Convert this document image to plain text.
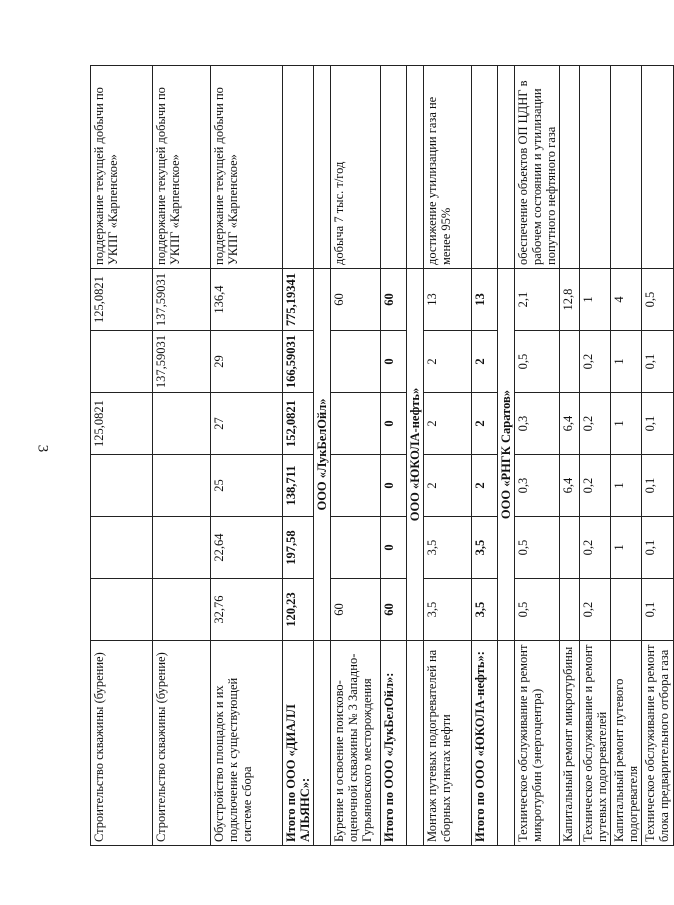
3
Строительство скважины (бурение)				125,0821		125,0821	поддержание текущей добычи по УКПГ «Карпенское»
Строительство скважины (бурение)					137,59031	137,59031	поддержание текущей добычи по УКПГ «Карпенское»
Обустройство площадок и их подключение к существующей системе сбора	32,76	22,64	25	27	29	136,4	поддержание текущей добычи по УКПГ «Карпенское»
Итого по ООО «ДИАЛЛ АЛЬЯНС»:	120,23	197,58	138,711	152,0821	166,59031	775,19341	
	ООО «ЛукБелОйл»						
Бурение и освоение поисково-оценочной скважины № 3 Западно-Гурьяновского месторождения	60					60	добыча 7 тыс. т/год
Итого по ООО «ЛукБелОйл»:	60	0	0	0	0	60	
	ООО «ЮКОЛА-нефть»						
Монтаж путевых подогревателей на сборных пунктах нефти	3,5	3,5	2	2	2	13	достижение утилизации газа не менее 95%
Итого по ООО «ЮКОЛА-нефть»:	3,5	3,5	2	2	2	13	
	ООО «РНГК Саратов»						
Техническое обслуживание и ремонт микротурбин (энергоцентра)	0,5	0,5	0,3	0,3	0,5	2,1	обеспечение объектов ОП ЦДНГ в рабочем состоянии и утилизации попутного нефтяного газа
Капитальный ремонт микротурбины			6,4	6,4		12,8	
Техническое обслуживание и ремонт путевых подогревателей	0,2	0,2	0,2	0,2	0,2	1	
Капитальный ремонт путевого подогревателя		1	1	1	1	4	
Техническое обслуживание и ремонт блока предварительного отбора газа	0,1	0,1	0,1	0,1	0,1	0,5	
